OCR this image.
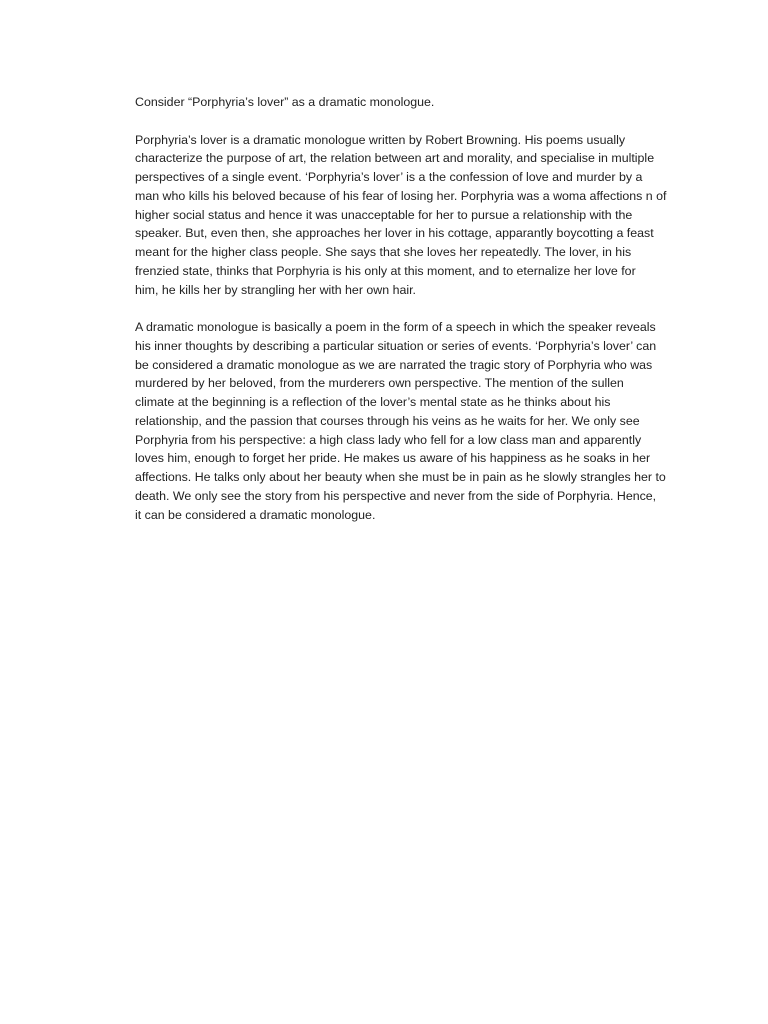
Consider “Porphyria’s lover” as a dramatic monologue.

Porphyria’s lover is a dramatic monologue written by Robert Browning. His poems usually
characterize the purpose of art, the relation between art and morality, and specialise in multiple
perspectives of a single event. ‘Porphyria’s lover’ is a the confession of love and murder by a
man who kills his beloved because of his fear of losing her. Porphyria was a woma affections n of
higher social status and hence it was unacceptable for her to pursue a relationship with the
speaker. But, even then, she approaches her lover in his cottage, apparantly boycotting a feast
meant for the higher class people. She says that she loves her repeatedly. The lover, in his
frenzied state, thinks that Porphyria is his only at this moment, and to eternalize her love for
him, he kills her by strangling her with her own hair.

A dramatic monologue is basically a poem in the form of a speech in which the speaker reveals
his inner thoughts by describing a particular situation or series of events. ‘Porphyria’s lover’ can
be considered a dramatic monologue as we are narrated the tragic story of Porphyria who was
murdered by her beloved, from the murderers own perspective. The mention of the sullen
climate at the beginning is a reflection of the lover’s mental state as he thinks about his
relationship, and the passion that courses through his veins as he waits for her. We only see
Porphyria from his perspective: a high class lady who fell for a low class man and apparently
loves him, enough to forget her pride. He makes us aware of his happiness as he soaks in her
affections. He talks only about her beauty when she must be in pain as he slowly strangles her to
death. We only see the story from his perspective and never from the side of Porphyria. Hence,
it can be considered a dramatic monologue.
